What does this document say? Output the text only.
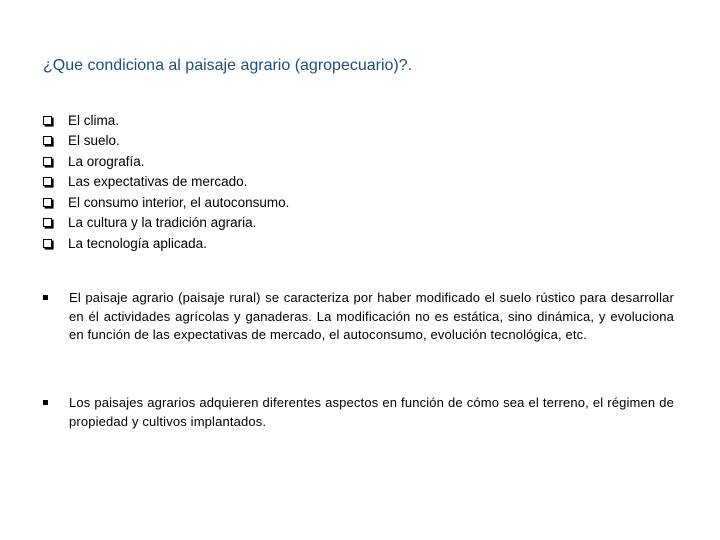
¿Que condiciona al paisaje agrario (agropecuario)?.
El clima.
El suelo.
La orografía.
Las expectativas de mercado.
El consumo interior, el autoconsumo.
La cultura y la tradición agraria.
La tecnología aplicada.
El paisaje agrario (paisaje rural) se caracteriza por haber modificado el suelo rústico para desarrollar en él actividades agrícolas y ganaderas. La modificación no es estática, sino dinámica, y evoluciona en función de las expectativas de mercado, el autoconsumo, evolución tecnológica, etc.
Los paisajes agrarios adquieren diferentes aspectos en función de cómo sea el terreno, el régimen de propiedad y cultivos implantados.
